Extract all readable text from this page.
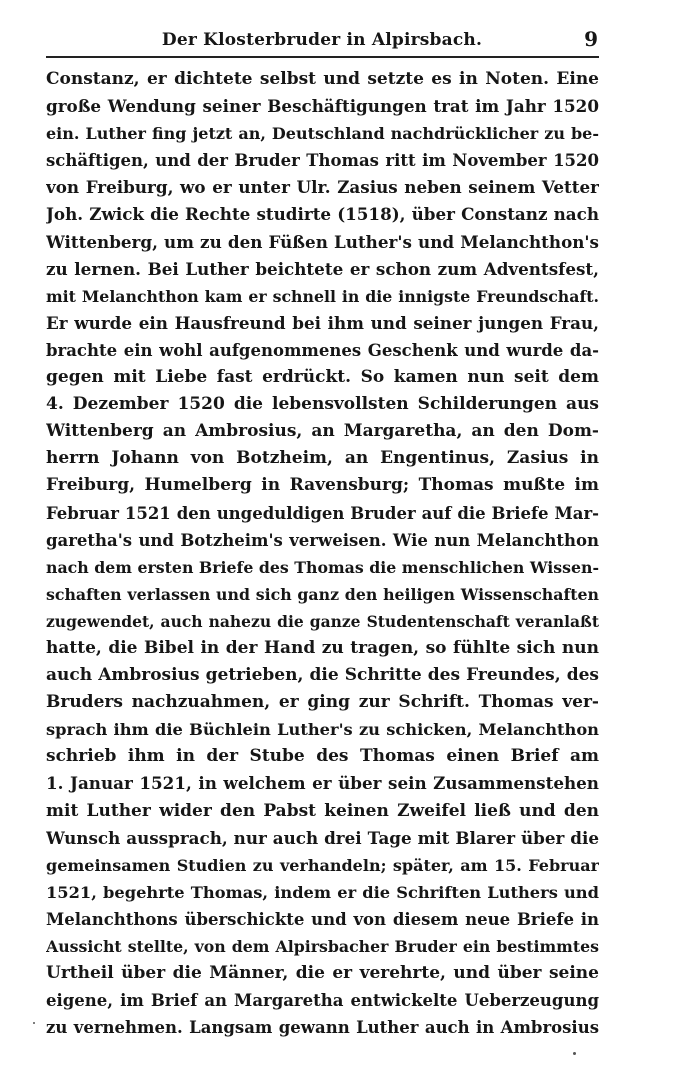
Der Klosterbruder in Alpirsbach.	9
Constanz, er dichtete selbst und setzte es in Noten. Eine
große Wendung seiner Beschäftigungen trat im Jahr 1520
ein. Luther fing jetzt an, Deutschland nachdrücklicher zu be-
schäftigen, und der Bruder Thomas ritt im November 1520
von Freiburg, wo er unter Ulr. Zasius neben seinem Vetter
Joh. Zwick die Rechte studirte (1518), über Constanz nach
Wittenberg, um zu den Füßen Luther's und Melanchthon's
zu lernen. Bei Luther beichtete er schon zum Adventsfest,
mit Melanchthon kam er schnell in die innigste Freundschaft.
Er wurde ein Hausfreund bei ihm und seiner jungen Frau,
brachte ein wohl aufgenommenes Geschenk und wurde da-
gegen mit Liebe fast erdrückt. So kamen nun seit dem
4. Dezember 1520 die lebensvollsten Schilderungen aus
Wittenberg an Ambrosius, an Margaretha, an den Dom-
herrn Johann von Botzheim, an Engentinus, Zasius in
Freiburg, Humelberg in Ravensburg; Thomas mußte im
Februar 1521 den ungeduldigen Bruder auf die Briefe Mar-
garetha's und Botzheim's verweisen. Wie nun Melanchthon
nach dem ersten Briefe des Thomas die menschlichen Wissen-
schaften verlassen und sich ganz den heiligen Wissenschaften
zugewendet, auch nahezu die ganze Studentenschaft veranlaßt
hatte, die Bibel in der Hand zu tragen, so fühlte sich nun
auch Ambrosius getrieben, die Schritte des Freundes, des
Bruders nachzuahmen, er ging zur Schrift. Thomas ver-
sprach ihm die Büchlein Luther's zu schicken, Melanchthon
schrieb ihm in der Stube des Thomas einen Brief am
1. Januar 1521, in welchem er über sein Zusammenstehen
mit Luther wider den Pabst keinen Zweifel ließ und den
Wunsch aussprach, nur auch drei Tage mit Blarer über die
gemeinsamen Studien zu verhandeln; später, am 15. Februar
1521, begehrte Thomas, indem er die Schriften Luthers und
Melanchthons überschickte und von diesem neue Briefe in
Aussicht stellte, von dem Alpirsbacher Bruder ein bestimmtes
Urtheil über die Männer, die er verehrte, und über seine
eigene, im Brief an Margaretha entwickelte Ueberzeugung
zu vernehmen. Langsam gewann Luther auch in Ambrosius
